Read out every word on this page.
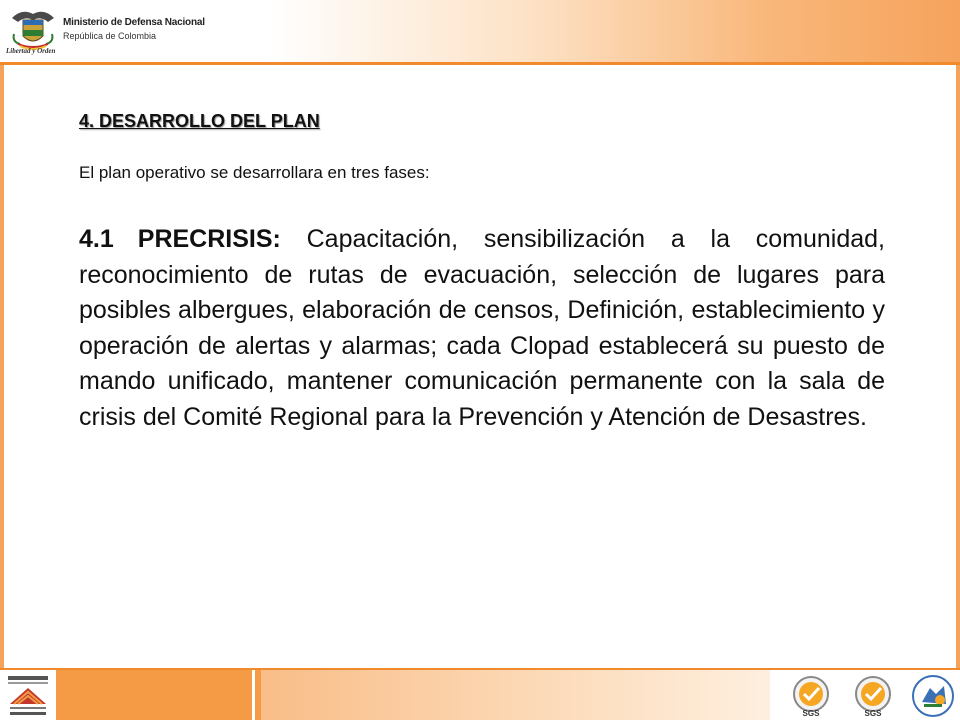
Libertad y Orden
Ministerio de Defensa Nacional
República de Colombia
4. DESARROLLO DEL PLAN
El plan operativo se desarrollara en tres fases:
4.1 PRECRISIS: Capacitación, sensibilización a la comunidad, reconocimiento de rutas de evacuación, selección de lugares para posibles albergues, elaboración de censos, Definición, establecimiento y operación de alertas y alarmas; cada Clopad establecerá su puesto de mando unificado, mantener comunicación permanente con la sala de crisis del Comité Regional para la Prevención y Atención de Desastres.
SGS	SGS
